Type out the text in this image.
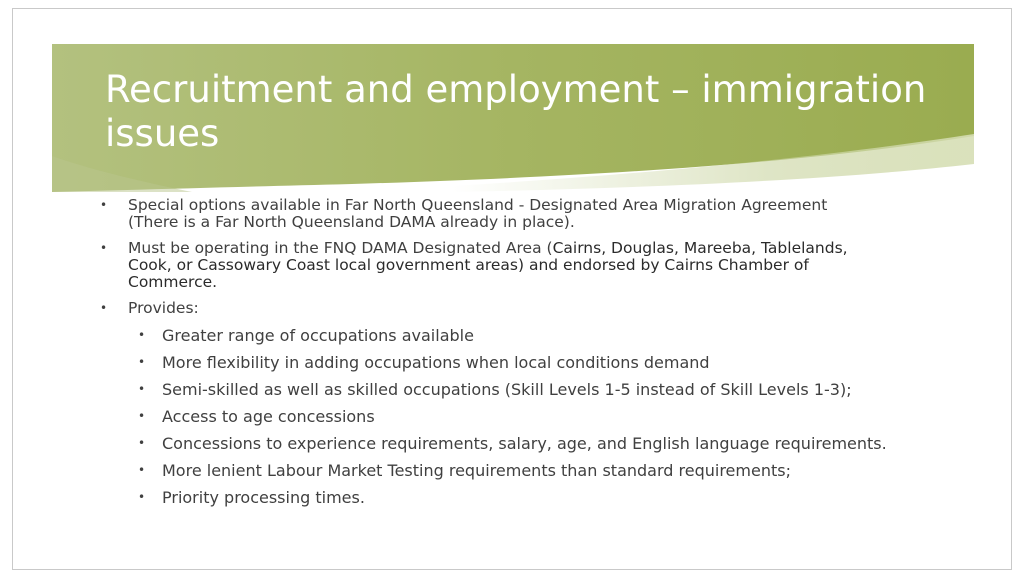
Recruitment and employment – immigration issues
• Special options available in Far North Queensland - Designated Area Migration Agreement
(There is a Far North Queensland DAMA already in place).
• Must be operating in the FNQ DAMA Designated Area (Cairns, Douglas, Mareeba, Tablelands,
Cook, or Cassowary Coast local government areas) and endorsed by Cairns Chamber of
Commerce.
• Provides:
• Greater range of occupations available
• More flexibility in adding occupations when local conditions demand
• Semi-skilled as well as skilled occupations (Skill Levels 1-5 instead of Skill Levels 1-3);
• Access to age concessions
• Concessions to experience requirements, salary, age, and English language requirements.
• More lenient Labour Market Testing requirements than standard requirements;
• Priority processing times.
